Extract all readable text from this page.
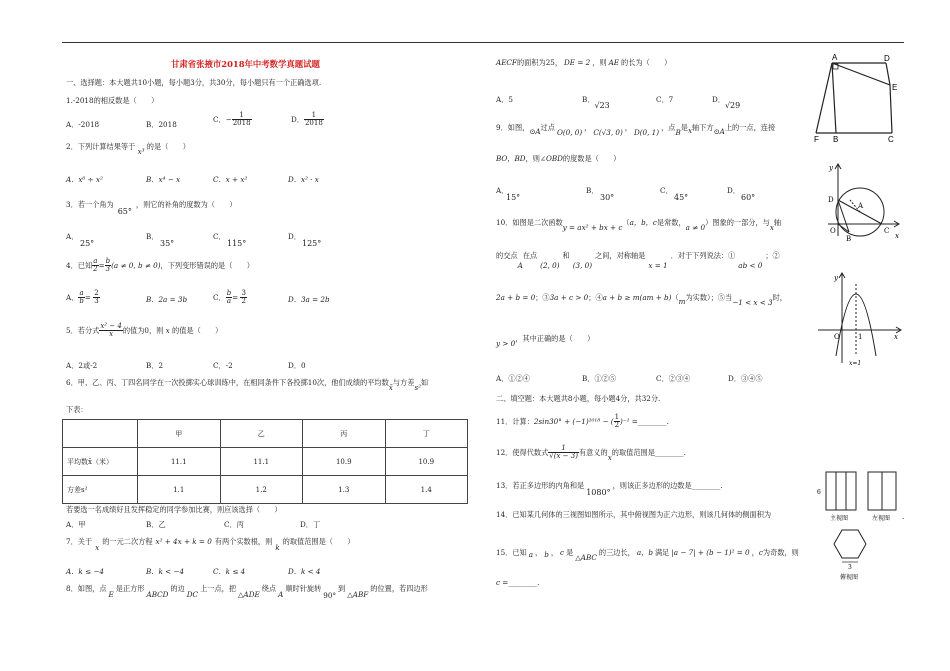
甘肃省张掖市2018年中考数学真题试题
一、选择题：本大题共10小题，每小题3分，共30分，每小题只有一个正确选项.
1.-2018的相反数是（　　）
A．-2018	B．2018
C．− $\frac{1}{2018}$	D． $\frac{1}{2018}$
2．下列计算结果等于 x³ 的是（　　）
A．x⁶ ÷ x²	B．x⁴ − x	C．x + x²	D．x² · x
3．若一个角为65°，则它的补角的度数为（　　）
A．
25°
B．
35°
C．
115°
D．
125°
4．已知 $\frac{a}{2} = \frac{b}{3} (a \ne 0$, b ≠ 0)，下列变形错误的是（　　）
A． $\frac{a}{b} = \frac{2}{3}$	B．2a = 3b	C． $\frac{b}{a} = \frac{3}{2}$	D．3a = 2b
5．若分式 $\frac{\text{x² − 4}}{x}$ 的值为0，则 x 的值是（　　）
A．2或-2	B．2	C．-2	D．0
6．甲、乙、丙、丁四名同学在一次投掷实心球训练中，在相同条件下各投掷10次，他们成绩的平均数x̄与方差s²如
下表：
	甲	乙	丙	丁
平均数x̄（米）	11.1	11.1	10.9	10.9
方差s²	1.1	1.2	1.3	1.4
若要选一名成绩好且发挥稳定的同学参加比赛，则应该选择（　　）
A．甲	B．乙	C．丙	D．丁
7．关于x的一元二次方程 x² + 4x + k = 0 有两个实数根，则k的取值范围是（　　）
A．k ≤ −4	B．k < −4	C．k ≤ 4	D．k < 4
8．如图，点E是正方形ABCD的边DC上一点，把△ADE绕点A顺时针旋转90°到△ABF的位置，若四边形
AECF的面积为25， DE = 2 ，则 AE 的长为（　　）
A．5	B．√23
C．7	D．√29
9．如图，⊙A过点O(0, 0)，C(√3, 0)，D(0, 1)，点B是x轴下方⊙A上的一点，连接
BO，BD，则∠OBD的度数是（　　）
A．
15°
B．
30°
C．
45°
D．
60°
10．如图是二次函数y = ax² + bx + c（a，b，c是常数，a ≠ 0）图象的一部分，与x轴
的交点A在点(2, 0)和(3, 0)之间，对称轴是x = 1．对于下列说法：①ab < 0；②
2a + b = 0；③3a + c > 0；④a + b ≥ m(am + b)（m为实数）；⑤当−1 < x < 3时，
y > 0，其中正确的是（　　）
A．①②④	B．①②⑤	C．②③④	D．③④⑤
二、填空题：本大题共8小题，每小题4分，共32分.
11．计算：2sin30° + (−1)²⁰¹⁸ − ( $\frac{1}{2} )^{-1}$ =________.
12．使得代数式 $\frac{1}{√(x - 3)}$ 有意义的x的取值范围是________.
13．若正多边形的内角和是1080°，则该正多边形的边数是________.
14．已知某几何体的三视图如图所示，其中俯视图为正六边形，则该几何体的侧面积为	.
15．已知 a ， b ， c 是△ABC的三边长， a，b 满足 |a − 7| + (b − 1)² = 0 ，c为奇数，则
c =________.
A	D
E
F B	C
y
D
A
O	C
B	x
y
O	1	x
x=1
6
3
主视图	左视图
俯视图
